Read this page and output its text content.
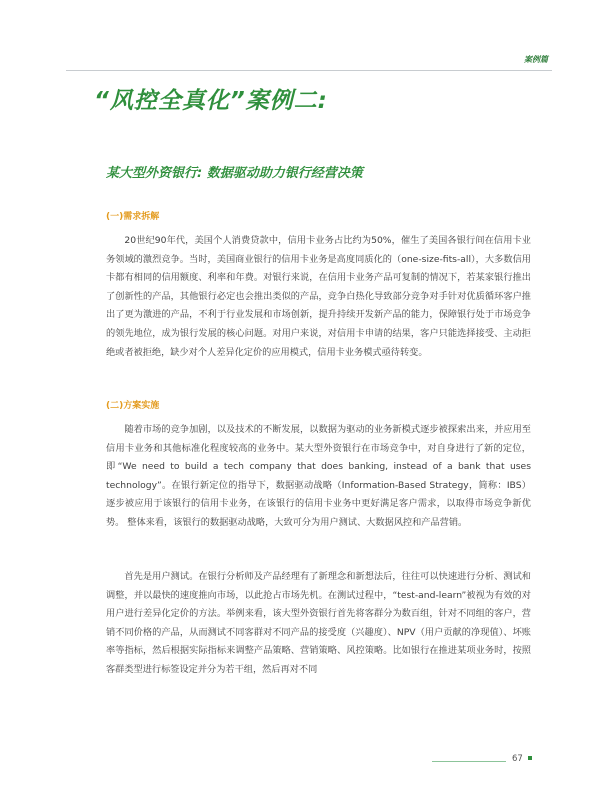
案例篇
“风控全真化”案例二:
某大型外资银行: 数据驱动助力银行经营决策
(一)需求拆解

20世纪90年代，美国个人消费贷款中，信用卡业务占比约为50%，催生了美国各银行间在信用卡业务领域的激烈竞争。当时，美国商业银行的信用卡业务是高度同质化的（one-size-fits-all），大多数信用卡都有相同的信用额度、利率和年费。对银行来说，在信用卡业务产品可复制的情况下，若某家银行推出了创新性的产品，其他银行必定也会推出类似的产品，竞争白热化导致部分竞争对手针对优质循环客户推出了更为激进的产品，不利于行业发展和市场创新，提升持续开发新产品的能力，保障银行处于市场竞争的领先地位，成为银行发展的核心问题。对用户来说，对信用卡申请的结果，客户只能选择接受、主动拒绝或者被拒绝，缺少对个人差异化定价的应用模式，信用卡业务模式亟待转变。

(二)方案实施

随着市场的竞争加剧，以及技术的不断发展，以数据为驱动的业务新模式逐步被探索出来，并应用至信用卡业务和其他标准化程度较高的业务中。某大型外资银行在市场竞争中，对自身进行了新的定位，即“We need to build a tech company that does banking, instead of a bank that uses technology”。在银行新定位的指导下，数据驱动战略（Information-Based Strategy，简称：IBS）逐步被应用于该银行的信用卡业务，在该银行的信用卡业务中更好满足客户需求，以取得市场竞争新优势。 整体来看，该银行的数据驱动战略，大致可分为用户测试、大数据风控和产品营销。

首先是用户测试。在银行分析师及产品经理有了新理念和新想法后，往往可以快速进行分析、测试和调整，并以最快的速度推向市场，以此抢占市场先机。在测试过程中，“test-and-learn”被视为有效的对用户进行差异化定价的方法。举例来看，该大型外资银行首先将客群分为数百组，针对不同组的客户，营销不同价格的产品，从而测试不同客群对不同产品的接受度（兴趣度）、NPV（用户贡献的净现值）、坏账率等指标，然后根据实际指标来调整产品策略、营销策略、风控策略。比如银行在推进某项业务时，按照客群类型进行标签设定并分为若干组，然后再对不同

67
